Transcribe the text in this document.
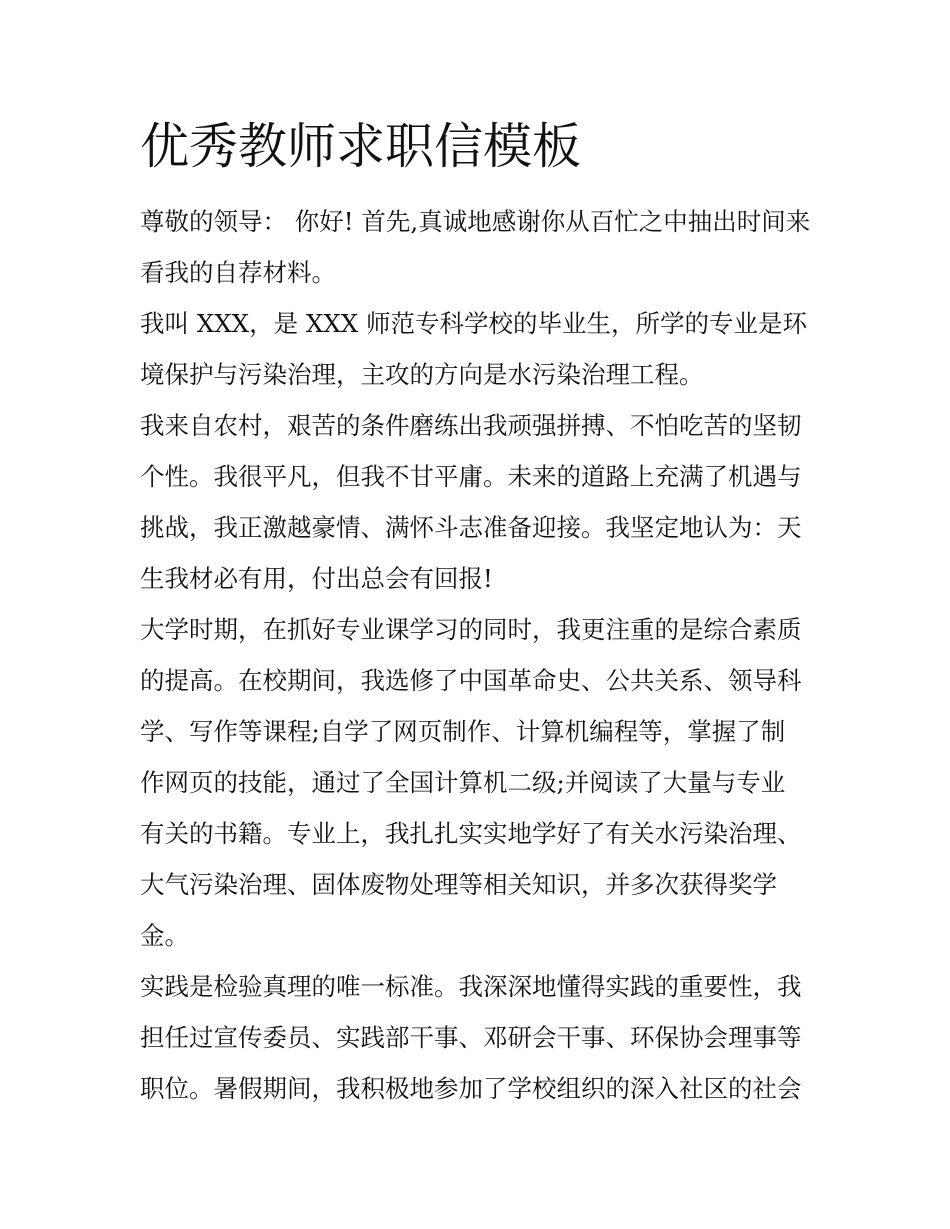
优秀教师求职信模板
尊敬的领导： 你好! 首先,真诚地感谢你从百忙之中抽出时间来
看我的自荐材料。
我叫 XXX，是 XXX 师范专科学校的毕业生，所学的专业是环
境保护与污染治理，主攻的方向是水污染治理工程。
我来自农村，艰苦的条件磨练出我顽强拼搏、不怕吃苦的坚韧
个性。我很平凡，但我不甘平庸。未来的道路上充满了机遇与
挑战，我正激越豪情、满怀斗志准备迎接。我坚定地认为：天
生我材必有用，付出总会有回报!
大学时期，在抓好专业课学习的同时，我更注重的是综合素质
的提高。在校期间，我选修了中国革命史、公共关系、领导科
学、写作等课程;自学了网页制作、计算机编程等，掌握了制
作网页的技能，通过了全国计算机二级;并阅读了大量与专业
有关的书籍。专业上，我扎扎实实地学好了有关水污染治理、
大气污染治理、固体废物处理等相关知识，并多次获得奖学
金。
实践是检验真理的唯一标准。我深深地懂得实践的重要性，我
担任过宣传委员、实践部干事、邓研会干事、环保协会理事等
职位。暑假期间，我积极地参加了学校组织的深入社区的社会
